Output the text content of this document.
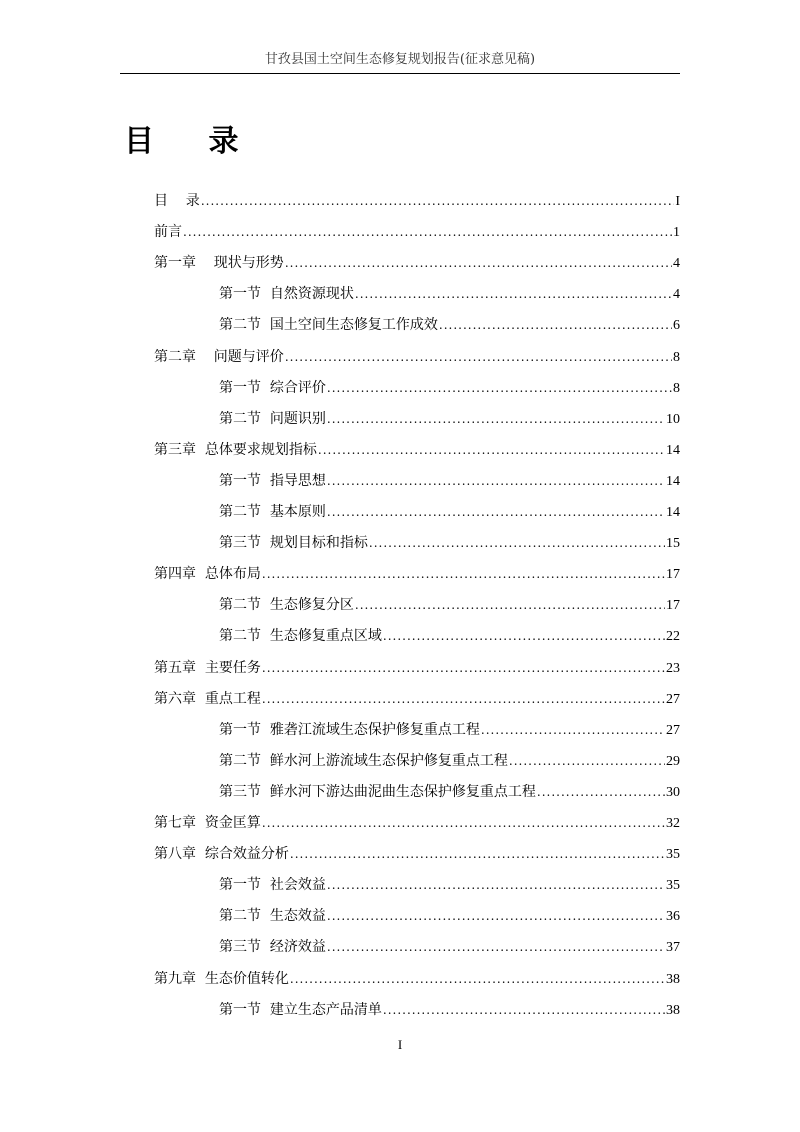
甘孜县国土空间生态修复规划报告(征求意见稿)
目 录
目    录 .....	I
前言 .....	1
第一章    现状与形势 .....	4
第一节  自然资源现状 .....	4
第二节  国土空间生态修复工作成效 .....	6
第二章    问题与评价 .....	8
第一节  综合评价 .....	8
第二节  问题识别 .....	10
第三章  总体要求规划指标 .....	14
第一节  指导思想 .....	14
第二节  基本原则 .....	14
第三节  规划目标和指标 .....	15
第四章  总体布局 .....	17
第二节  生态修复分区 .....	17
第二节  生态修复重点区域 .....	22
第五章  主要任务 .....	23
第六章  重点工程 .....	27
第一节  雅砻江流域生态保护修复重点工程 .....	27
第二节  鲜水河上游流域生态保护修复重点工程 .....	29
第三节  鲜水河下游达曲泥曲生态保护修复重点工程 .....	30
第七章  资金匡算 .....	32
第八章  综合效益分析 .....	35
第一节  社会效益 .....	35
第二节  生态效益 .....	36
第三节  经济效益 .....	37
第九章  生态价值转化 .....	38
第一节  建立生态产品清单 .....	38
I
